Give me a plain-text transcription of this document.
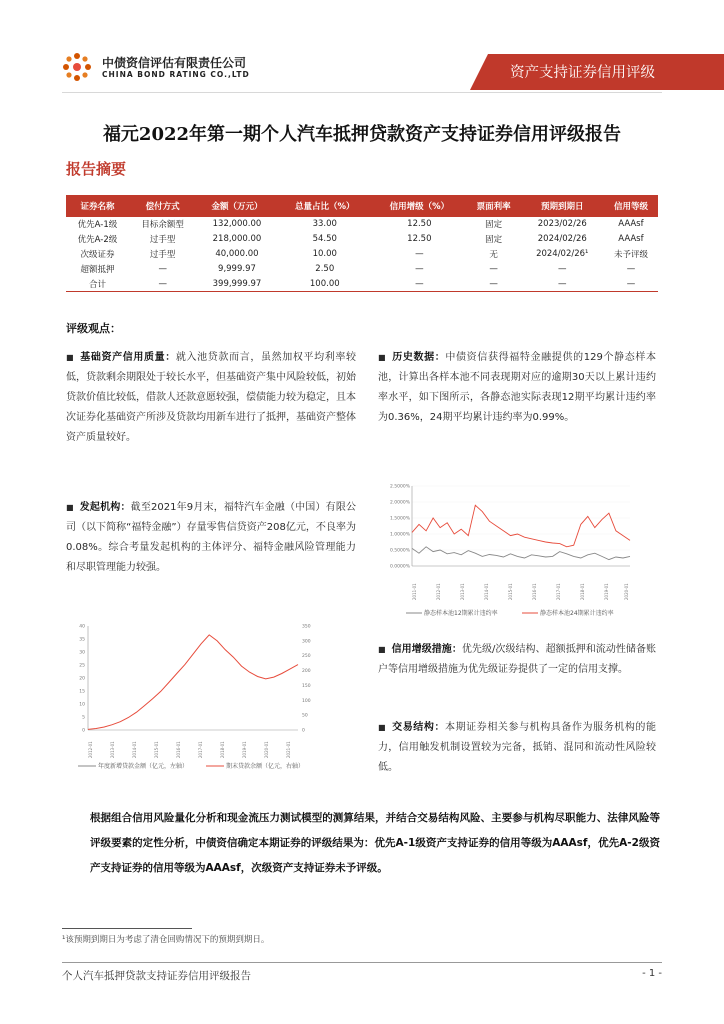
中债资信评估有限责任公司
CHINA BOND RATING CO.,LTD	资产支持证券信用评级
福元2022年第一期个人汽车抵押贷款资产支持证券信用评级报告
报告摘要
证券名称	偿付方式	金额（万元）	总量占比（%）	信用增级（%）	票面利率	预期到期日	信用等级
优先A-1级	目标余额型	132,000.00	33.00	12.50	固定	2023/02/26	AAAsf
优先A-2级	过手型	218,000.00	54.50	12.50	固定	2024/02/26	AAAsf
次级证券	过手型	40,000.00	10.00	—	无	2024/02/26¹	未予评级
超额抵押	—	9,999.97	2.50	—	—	—	—
合计	—	399,999.97	100.00	—	—	—	—
评级观点：
■ 基础资产信用质量：就入池贷款而言，虽然加权平均利率较低，贷款剩余期限处于较长水平，但基础资产集中风险较低，初始贷款价值比较低，借款人还款意愿较强，偿债能力较为稳定，且本次证券化基础资产所涉及贷款均用新车进行了抵押，基础资产整体资产质量较好。
■ 发起机构：截至2021年9月末，福特汽车金融（中国）有限公司（以下简称“福特金融”）存量零售信贷资产208亿元，不良率为0.08%。综合考量发起机构的主体评分、福特金融风险管理能力和尽职管理能力较强。
■ 历史数据：中债资信获得福特金融提供的129个静态样本池，计算出各样本池不同表现期对应的逾期30天以上累计违约率水平，如下图所示，各静态池实际表现12期平均累计违约率为0.36%，24期平均累计违约率为0.99%。
■ 信用增级措施：优先级/次级结构、超额抵押和流动性储备账户等信用增级措施为优先级证券提供了一定的信用支撑。
■ 交易结构：本期证券相关参与机构具备作为服务机构的能力，信用触发机制设置较为完备，抵销、混同和流动性风险较低。
0
5
10
15
20
25
30
35
40
0
50
100
150
200
250
300
350
2012-01	2013-01	2014-01	2015-01	2016-01	2017-01	2018-01	2019-01	2020-01	2021-01
年度新增贷款金额（亿元，左轴）	期末贷款余额（亿元，右轴）
0.0000%
0.5000%
1.0000%
1.5000%
2.0000%
2.5000%
2011-01	2012-01	2013-01	2014-01	2015-01	2016-01	2017-01	2018-01	2019-01	2020-01
静态样本池12期累计违约率	静态样本池24期累计违约率
根据组合信用风险量化分析和现金流压力测试模型的测算结果，并结合交易结构风险、主要参与机构尽职能力、法律风险等评级要素的定性分析，中债资信确定本期证券的评级结果为：优先A-1级资产支持证券的信用等级为AAAsf，优先A-2级资产支持证券的信用等级为AAAsf，次级资产支持证券未予评级。
¹该预期到期日为考虑了清仓回购情况下的预期到期日。
个人汽车抵押贷款支持证券信用评级报告	- 1 -
